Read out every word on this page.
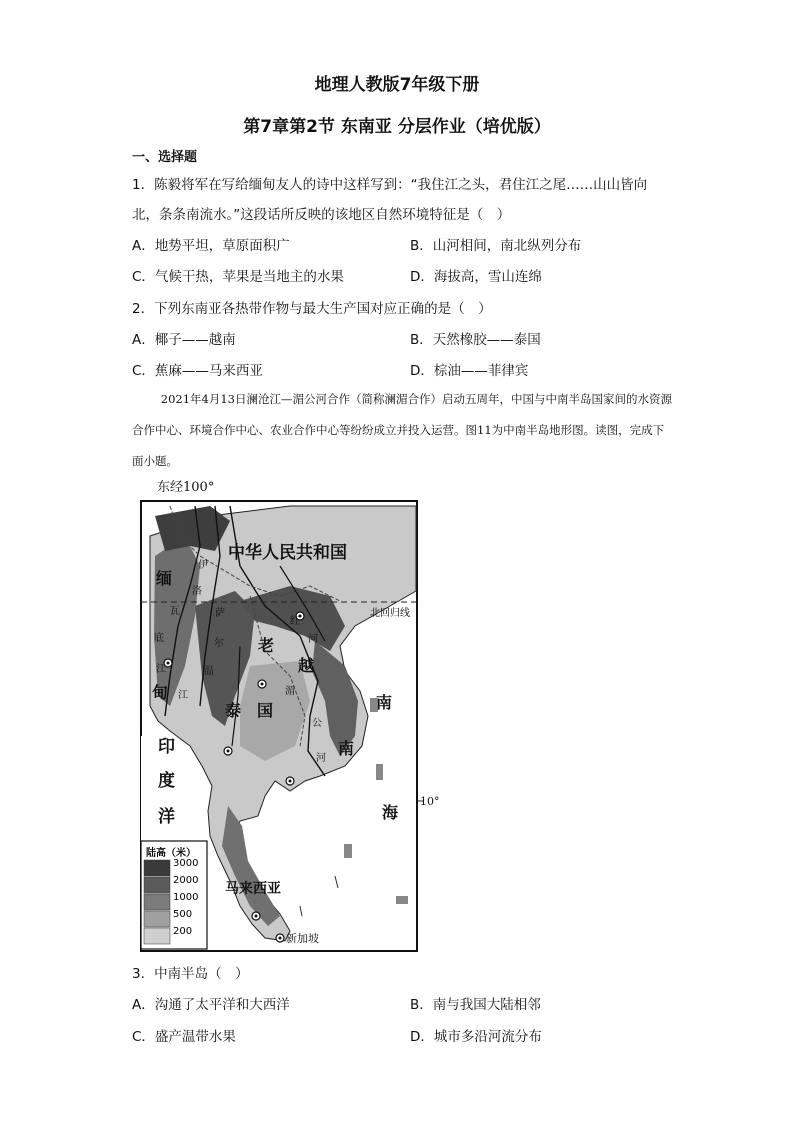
地理人教版7年级下册
第7章第2节 东南亚 分层作业（培优版）
一、选择题
1．陈毅将军在写给缅甸友人的诗中这样写到：“我住江之头，君住江之尾……山山皆向
北，条条南流水。”这段话所反映的该地区自然环境特征是（　）
A．地势平坦，草原面积广	B．山河相间，南北纵列分布
C．气候干热，苹果是当地主的水果	D．海拔高，雪山连绵
2．下列东南亚各热带作物与最大生产国对应正确的是（　）
A．椰子——越南	B．天然橡胶——泰国
C．蕉麻——马来西亚	D．棕油——菲律宾
2021年4月13日澜沧江—湄公河合作（简称澜湄合作）启动五周年，中国与中南半岛国家间的水资源合作中心、环境合作中心、农业合作中心等纷纷成立并投入运营。图11为中南半岛地形图。读图，完成下面小题。
东经100°
10°
北回归线
中华人民共和国
缅
甸
泰　国
老
越
南
南
海
印
度
洋
马来西亚
新加坡
红
河
湄
公
河
伊
洛
瓦
底
江
萨
尔
温
江
陆高（米）
3000
2000
1000
500
200
3．中南半岛（　）
A．沟通了太平洋和大西洋	B．南与我国大陆相邻
C．盛产温带水果	D．城市多沿河流分布
